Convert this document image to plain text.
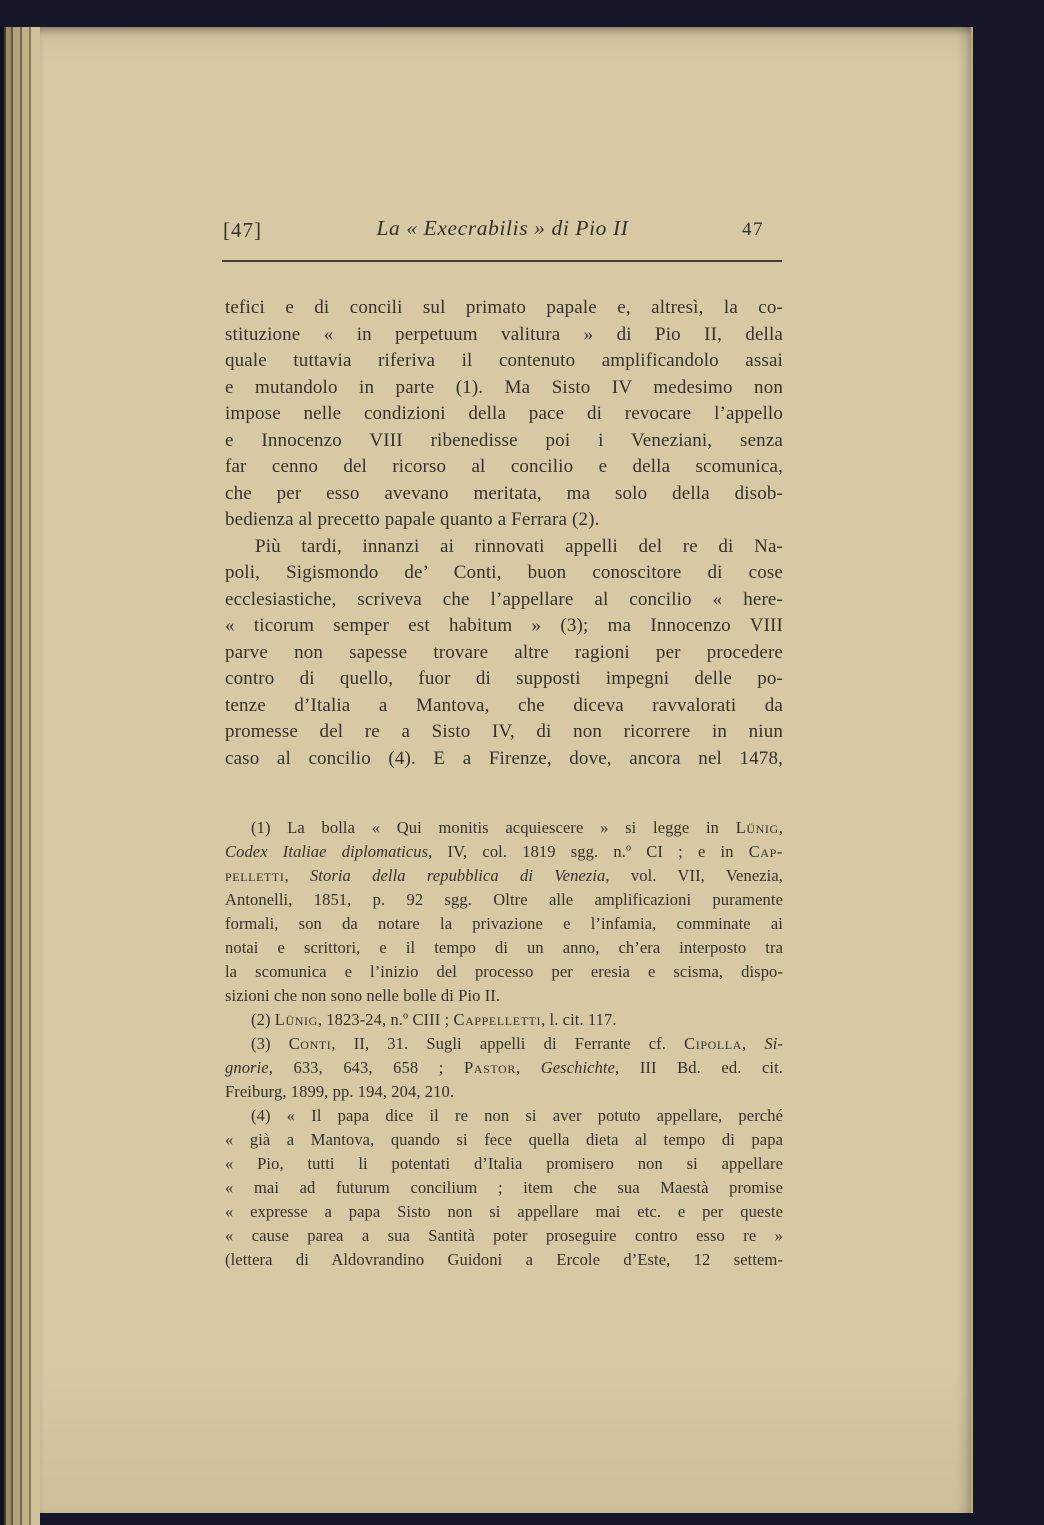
[47]	La « Execrabilis » di Pio II	47
tefici e di concili sul primato papale e, altresì, la co-
stituzione « in perpetuum valitura » di Pio II, della
quale tuttavia riferiva il contenuto amplificandolo assai
e mutandolo in parte (1). Ma Sisto IV medesimo non
impose nelle condizioni della pace di revocare l’appello
e Innocenzo VIII ribenedisse poi i Veneziani, senza
far cenno del ricorso al concilio e della scomunica,
che per esso avevano meritata, ma solo della disob-
bedienza al precetto papale quanto a Ferrara (2).
Più tardi, innanzi ai rinnovati appelli del re di Na-
poli, Sigismondo de’ Conti, buon conoscitore di cose
ecclesiastiche, scriveva che l’appellare al concilio « here-
« ticorum semper est habitum » (3); ma Innocenzo VIII
parve non sapesse trovare altre ragioni per procedere
contro di quello, fuor di supposti impegni delle po-
tenze d’Italia a Mantova, che diceva ravvalorati da
promesse del re a Sisto IV, di non ricorrere in niun
caso al concilio (4). E a Firenze, dove, ancora nel 1478,
(1) La bolla « Qui monitis acquiescere » si legge in Lünig,
Codex Italiae diplomaticus, IV, col. 1819 sgg. n.º CI ; e in Cap-
pelletti, Storia della repubblica di Venezia, vol. VII, Venezia,
Antonelli, 1851, p. 92 sgg. Oltre alle amplificazioni puramente
formali, son da notare la privazione e l’infamia, comminate ai
notai e scrittori, e il tempo di un anno, ch’era interposto tra
la scomunica e l’inizio del processo per eresia e scisma, dispo-
sizioni che non sono nelle bolle di Pio II.
(2) Lünig, 1823-24, n.º CIII ; Cappelletti, l. cit. 117.
(3) Conti, II, 31. Sugli appelli di Ferrante cf. Cipolla, Si-
gnorie, 633, 643, 658 ; Pastor, Geschichte, III Bd. ed. cit.
Freiburg, 1899, pp. 194, 204, 210.
(4) « Il papa dice il re non si aver potuto appellare, perché
« già a Mantova, quando si fece quella dieta al tempo di papa
« Pio, tutti li potentati d’Italia promisero non si appellare
« mai ad futurum concilium ; item che sua Maestà promise
« expresse a papa Sisto non si appellare mai etc. e per queste
« cause parea a sua Santità poter proseguire contro esso re »
(lettera di Aldovrandino Guidoni a Ercole d’Este, 12 settem-
